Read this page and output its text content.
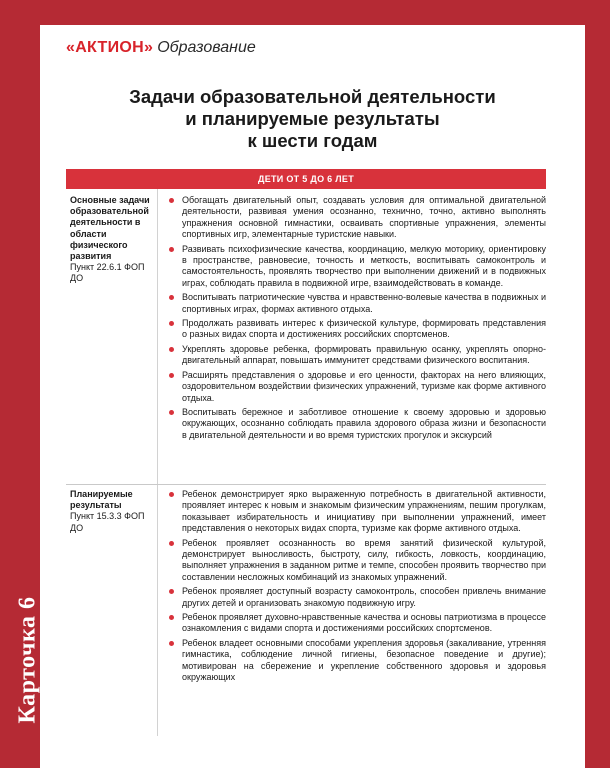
Карточка 6
«АКТИОН» Образование
Задачи образовательной деятельности
и планируемые результаты
к шести годам
ДЕТИ ОТ 5 ДО 6 ЛЕТ
Основные задачи образовательной деятельности в области физического развития
Пункт 22.6.1 ФОП ДО
Обогащать двигательный опыт, создавать условия для оптимальной двигательной деятельности, развивая умения осознанно, технично, точно, активно выполнять упражнения основной гимнастики, осваивать спортивные упражнения, элементы спортивных игр, элементарные туристские навыки.
Развивать психофизические качества, координацию, мелкую моторику, ориентировку в пространстве, равновесие, точность и меткость, воспитывать самоконтроль и самостоятельность, проявлять творчество при выполнении движений и в подвижных играх, соблюдать правила в подвижной игре, взаимодействовать в команде.
Воспитывать патриотические чувства и нравственно-волевые качества в подвижных и спортивных играх, формах активного отдыха.
Продолжать развивать интерес к физической культуре, формировать представления о разных видах спорта и достижениях российских спортсменов.
Укреплять здоровье ребенка, формировать правильную осанку, укреплять опорно-двигательный аппарат, повышать иммунитет средствами физического воспитания.
Расширять представления о здоровье и его ценности, факторах на него влияющих, оздоровительном воздействии физических упражнений, туризме как форме активного отдыха.
Воспитывать бережное и заботливое отношение к своему здоровью и здоровью окружающих, осознанно соблюдать правила здорового образа жизни и безопасности в двигательной деятельности и во время туристских прогулок и экскурсий
Планируемые результаты
Пункт 15.3.3 ФОП ДО
Ребенок демонстрирует ярко выраженную потребность в двигательной активности, проявляет интерес к новым и знакомым физическим упражнениям, пешим прогулкам, показывает избирательность и инициативу при выполнении упражнений, имеет представления о некоторых видах спорта, туризме как форме активного отдыха.
Ребенок проявляет осознанность во время занятий физической культурой, демонстрирует выносливость, быстроту, силу, гибкость, ловкость, координацию, выполняет упражнения в заданном ритме и темпе, способен проявить творчество при составлении несложных комбинаций из знакомых упражнений.
Ребенок проявляет доступный возрасту самоконтроль, способен привлечь внимание других детей и организовать знакомую подвижную игру.
Ребенок проявляет духовно-нравственные качества и основы патриотизма в процессе ознакомления с видами спорта и достижениями российских спортсменов.
Ребенок владеет основными способами укрепления здоровья (закаливание, утренняя гимнастика, соблюдение личной гигиены, безопасное поведение и другие); мотивирован на сбережение и укрепление собственного здоровья и здоровья окружающих
